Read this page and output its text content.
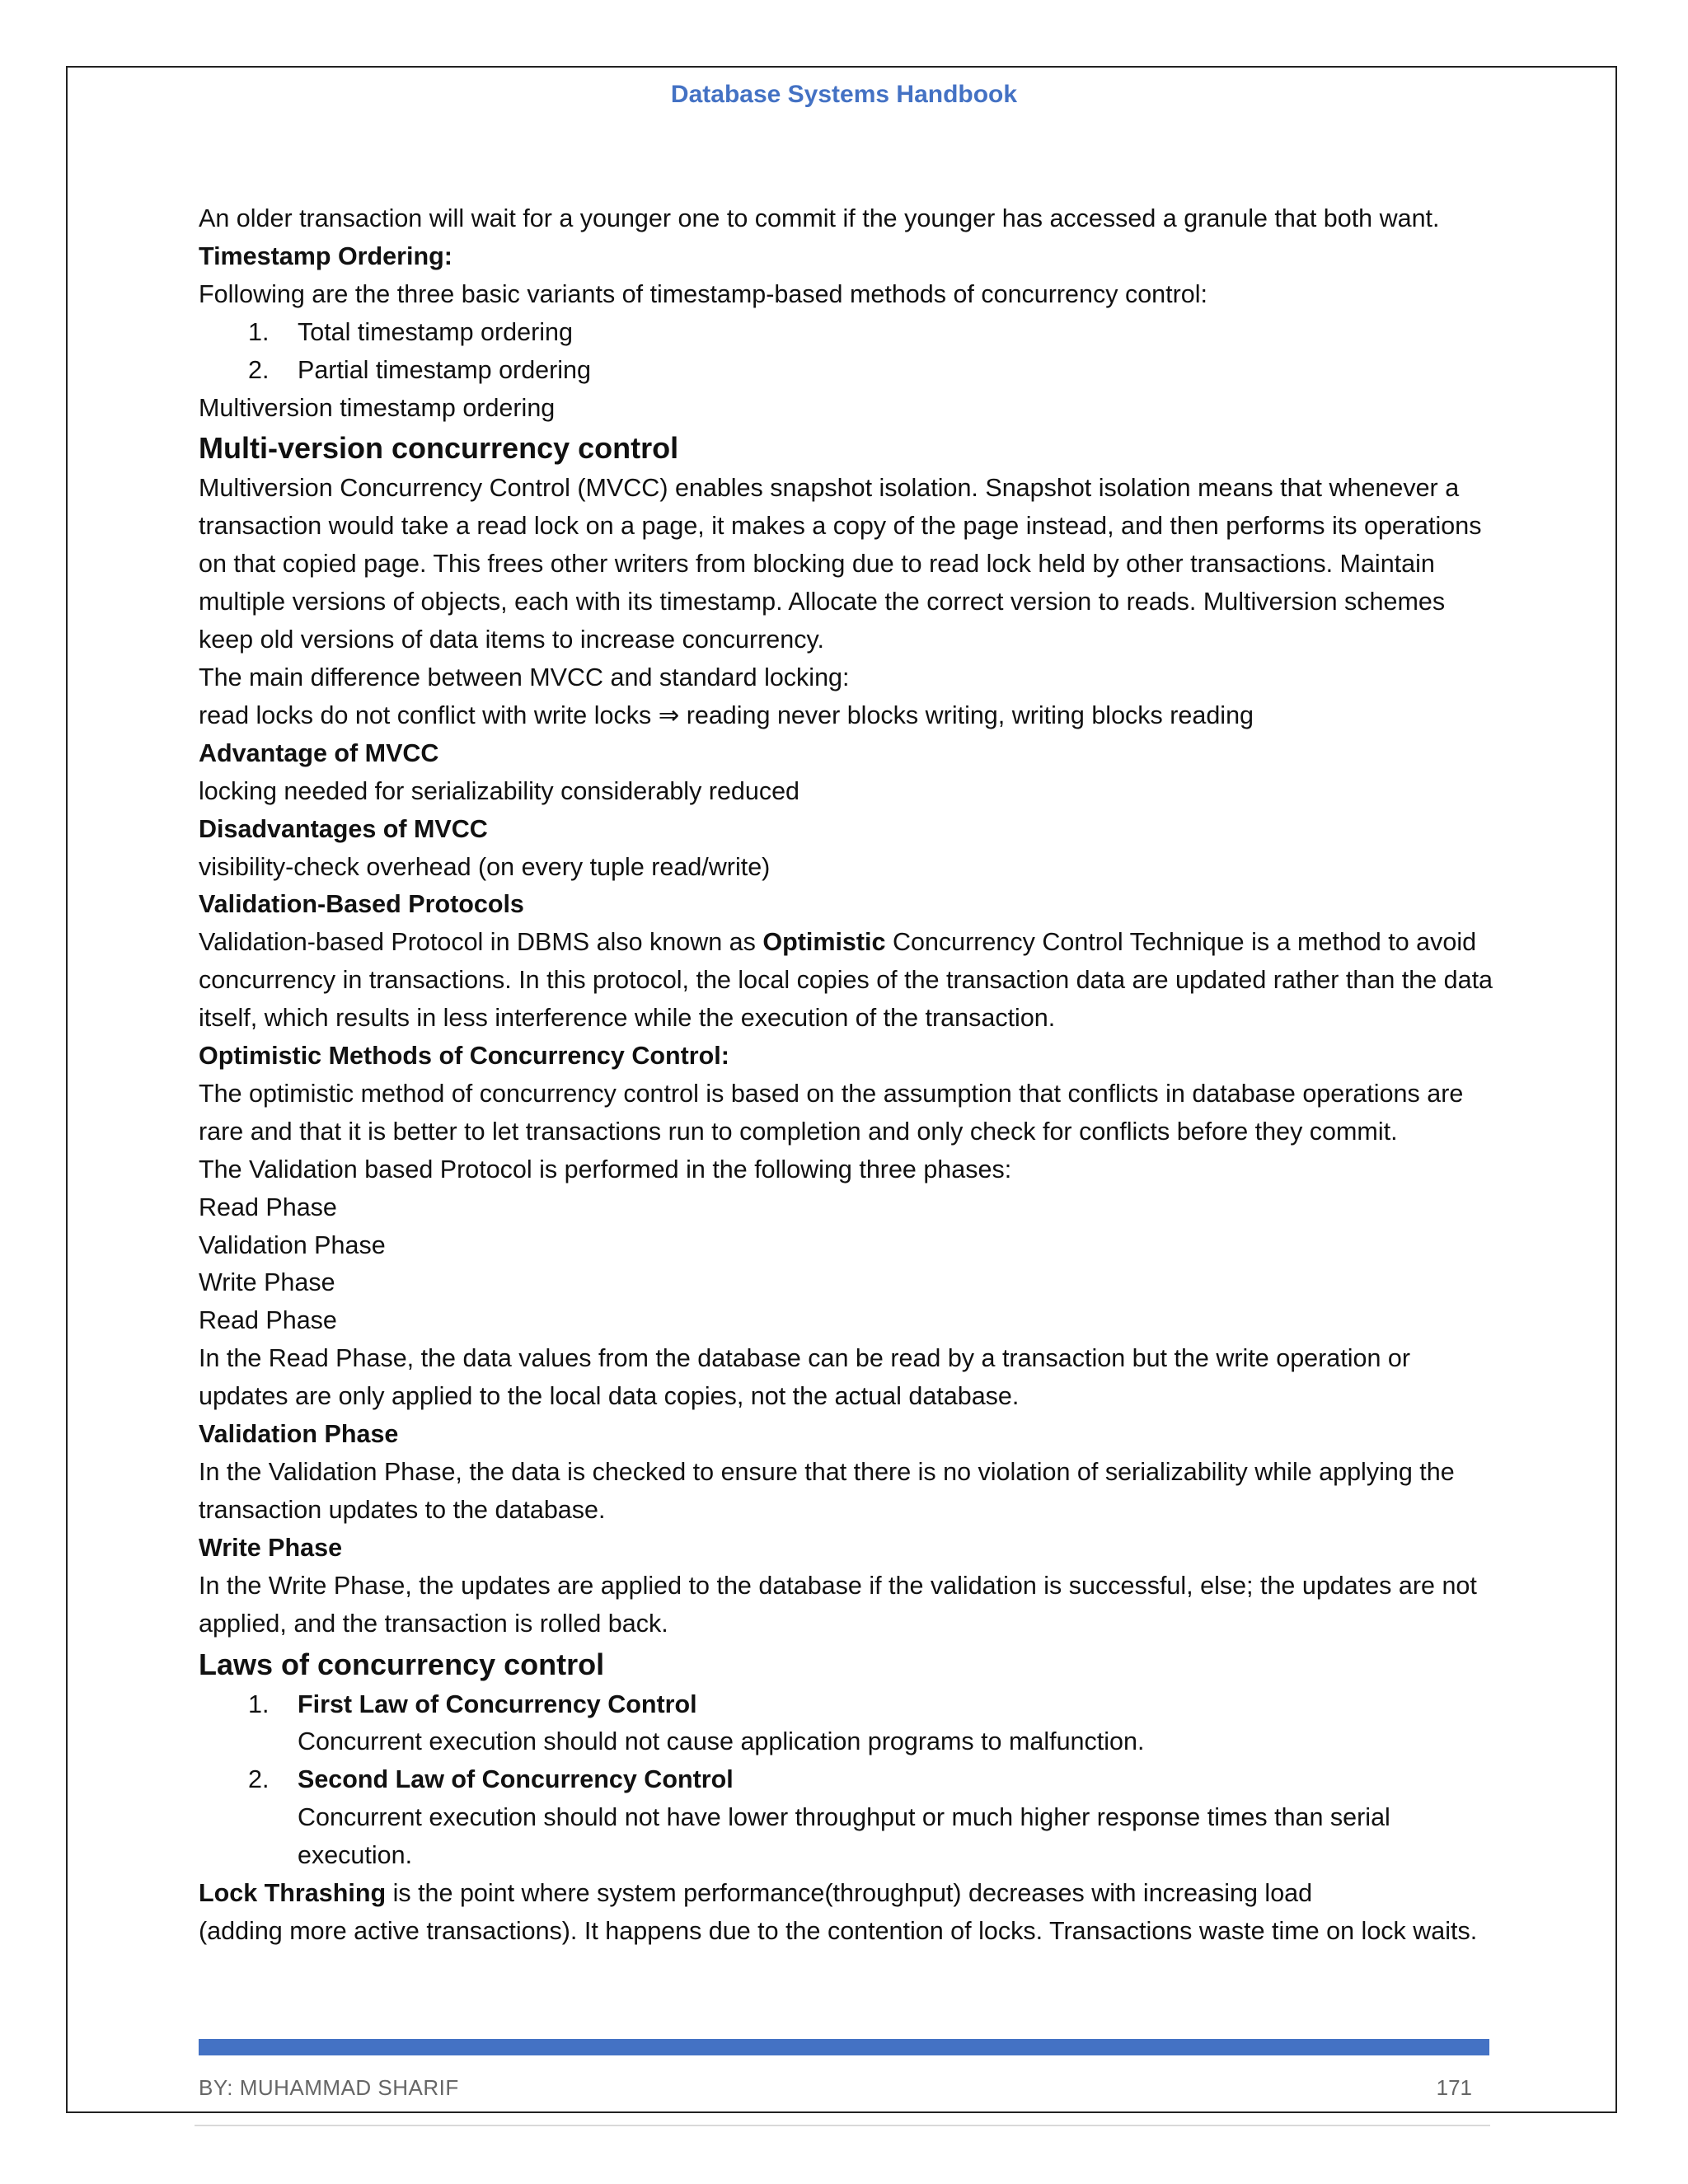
Database Systems Handbook

An older transaction will wait for a younger one to commit if the younger has accessed a granule that both want.

Timestamp Ordering:

Following are the three basic variants of timestamp-based methods of concurrency control:

1. Total timestamp ordering
2. Partial timestamp ordering

Multiversion timestamp ordering

Multi-version concurrency control

Multiversion Concurrency Control (MVCC) enables snapshot isolation. Snapshot isolation means that whenever a transaction would take a read lock on a page, it makes a copy of the page instead, and then performs its operations on that copied page. This frees other writers from blocking due to read lock held by other transactions. Maintain multiple versions of objects, each with its timestamp. Allocate the correct version to reads. Multiversion schemes keep old versions of data items to increase concurrency.

The main difference between MVCC and standard locking:

read locks do not conflict with write locks ⇒ reading never blocks writing, writing blocks reading

Advantage of MVCC

locking needed for serializability considerably reduced

Disadvantages of MVCC

visibility-check overhead (on every tuple read/write)

Validation-Based Protocols

Validation-based Protocol in DBMS also known as Optimistic Concurrency Control Technique is a method to avoid concurrency in transactions. In this protocol, the local copies of the transaction data are updated rather than the data itself, which results in less interference while the execution of the transaction.

Optimistic Methods of Concurrency Control:

The optimistic method of concurrency control is based on the assumption that conflicts in database operations are rare and that it is better to let transactions run to completion and only check for conflicts before they commit.

The Validation based Protocol is performed in the following three phases:

Read Phase

Validation Phase

Write Phase

Read Phase

In the Read Phase, the data values from the database can be read by a transaction but the write operation or updates are only applied to the local data copies, not the actual database.

Validation Phase

In the Validation Phase, the data is checked to ensure that there is no violation of serializability while applying the transaction updates to the database.

Write Phase

In the Write Phase, the updates are applied to the database if the validation is successful, else; the updates are not applied, and the transaction is rolled back.

Laws of concurrency control

1. First Law of Concurrency Control
Concurrent execution should not cause application programs to malfunction.
2. Second Law of Concurrency Control
Concurrent execution should not have lower throughput or much higher response times than serial execution.

Lock Thrashing is the point where system performance(throughput) decreases with increasing load

(adding more active transactions). It happens due to the contention of locks. Transactions waste time on lock waits.

BY: MUHAMMAD SHARIF	171
